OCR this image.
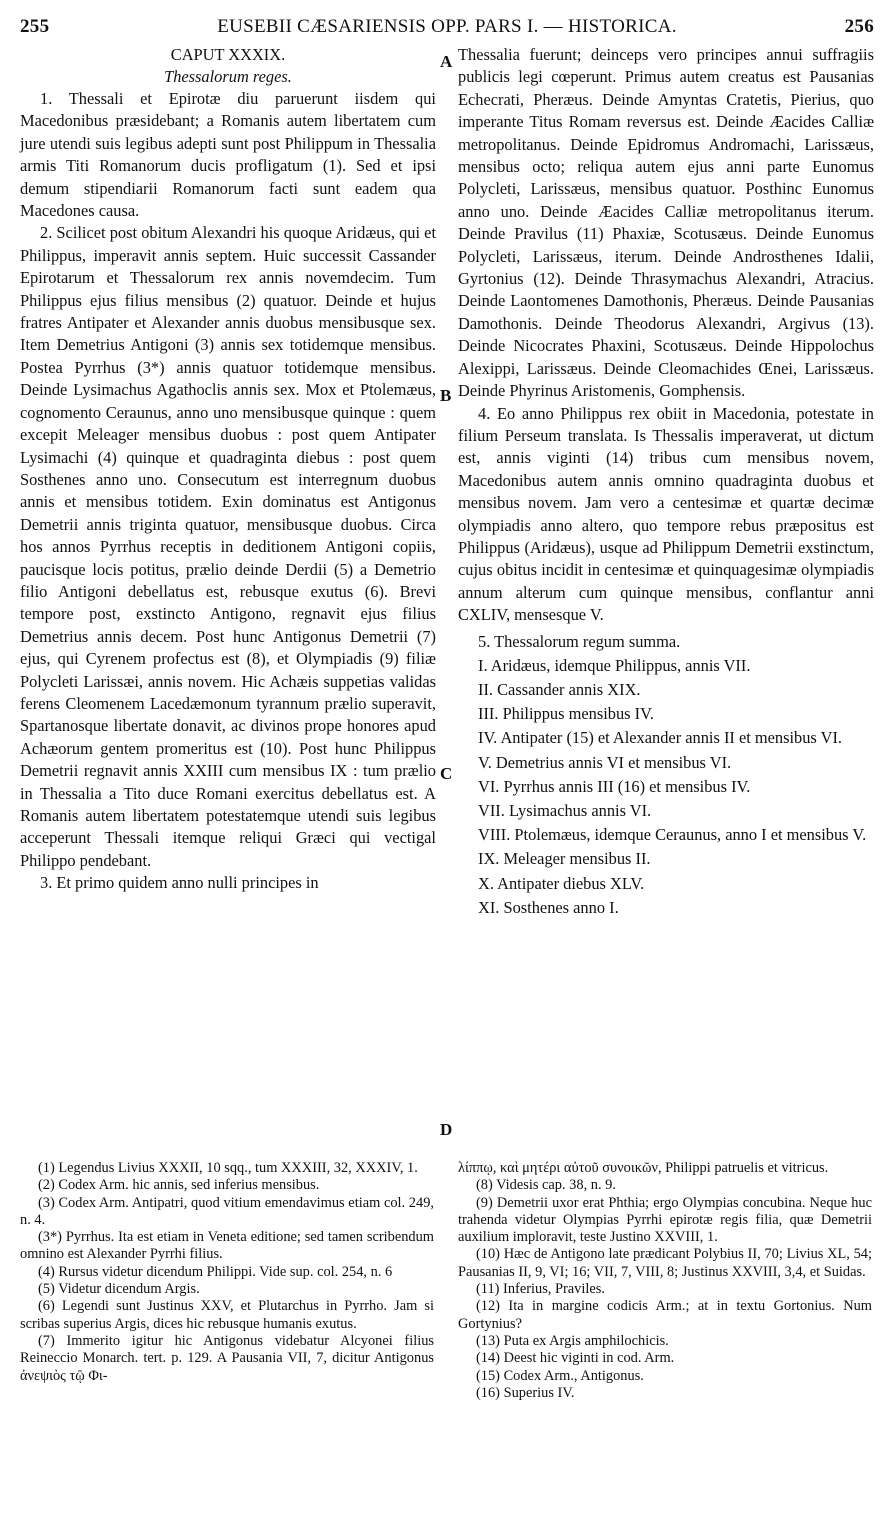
EUSEBII CÆSARIENSIS OPP. PARS I. — HISTORICA.
255	256
A
B
C
D
CAPUT XXXIX.
Thessalorum reges.

1. Thessali et Epirotæ diu paruerunt iisdem qui Macedonibus præsidebant; a Romanis autem libertatem cum jure utendi suis legibus adepti sunt post Philippum in Thessalia armis Titi Romanorum ducis profligatum (1). Sed et ipsi demum stipendiarii Romanorum facti sunt eadem qua Macedones causa.

2. Scilicet post obitum Alexandri his quoque Aridæus, qui et Philippus, imperavit annis septem. Huic successit Cassander Epirotarum et Thessalorum rex annis novemdecim. Tum Philippus ejus filius mensibus (2) quatuor. Deinde et hujus fratres Antipater et Alexander annis duobus mensibusque sex. Item Demetrius Antigoni (3) annis sex totidemque mensibus. Postea Pyrrhus (3*) annis quatuor totidemque mensibus. Deinde Lysimachus Agathoclis annis sex. Mox et Ptolemæus, cognomento Ceraunus, anno uno mensibusque quinque : quem excepit Meleager mensibus duobus : post quem Antipater Lysimachi (4) quinque et quadraginta diebus : post quem Sosthenes anno uno. Consecutum est interregnum duobus annis et mensibus totidem. Exin dominatus est Antigonus Demetrii annis triginta quatuor, mensibusque duobus. Circa hos annos Pyrrhus receptis in deditionem Antigoni copiis, paucisque locis potitus, prælio deinde Derdii (5) a Demetrio filio Antigoni debellatus est, rebusque exutus (6). Brevi tempore post, exstincto Antigono, regnavit ejus filius Demetrius annis decem. Post hunc Antigonus Demetrii (7) ejus, qui Cyrenem profectus est (8), et Olympiadis (9) filiæ Polycleti Larissæi, annis novem. Hic Achæis suppetias validas ferens Cleomenem Lacedæmonum tyrannum prælio superavit, Spartanosque libertate donavit, ac divinos prope honores apud Achæorum gentem promeritus est (10). Post hunc Philippus Demetrii regnavit annis XXIII cum mensibus IX : tum prælio in Thessalia a Tito duce Romani exercitus debellatus est. A Romanis autem libertatem potestatemque utendi suis legibus acceperunt Thessali itemque reliqui Græci qui vectigal Philippo pendebant.

3. Et primo quidem anno nulli principes in

Thessalia fuerunt; deinceps vero principes annui suffragiis publicis legi cœperunt. Primus autem creatus est Pausanias Echecrati, Pheræus. Deinde Amyntas Cratetis, Pierius, quo imperante Titus Romam reversus est. Deinde Æacides Calliæ metropolitanus. Deinde Epidromus Andromachi, Larissæus, mensibus octo; reliqua autem ejus anni parte Eunomus Polycleti, Larissæus, mensibus quatuor. Posthinc Eunomus anno uno. Deinde Æacides Calliæ metropolitanus iterum. Deinde Pravilus (11) Phaxiæ, Scotusæus. Deinde Eunomus Polycleti, Larissæus, iterum. Deinde Androsthenes Idalii, Gyrtonius (12). Deinde Thrasymachus Alexandri, Atracius. Deinde Laontomenes Damothonis, Pheræus. Deinde Pausanias Damothonis. Deinde Theodorus Alexandri, Argivus (13). Deinde Nicocrates Phaxini, Scotusæus. Deinde Hippolochus Alexippi, Larissæus. Deinde Cleomachides Œnei, Larissæus. Deinde Phyrinus Aristomenis, Gomphensis.

4. Eo anno Philippus rex obiit in Macedonia, potestate in filium Perseum translata. Is Thessalis imperaverat, ut dictum est, annis viginti (14) tribus cum mensibus novem, Macedonibus autem annis omnino quadraginta duobus et mensibus novem. Jam vero a centesimæ et quartæ decimæ olympiadis anno altero, quo tempore rebus præpositus est Philippus (Aridæus), usque ad Philippum Demetrii exstinctum, cujus obitus incidit in centesimæ et quinquagesimæ olympiadis annum alterum cum quinque mensibus, conflantur anni CXLIV, mensesque V.

5. Thessalorum regum summa.

I. Aridæus, idemque Philippus, annis VII.

II. Cassander annis XIX.

III. Philippus mensibus IV.

IV. Antipater (15) et Alexander annis II et mensibus VI.

V. Demetrius annis VI et mensibus VI.

VI. Pyrrhus annis III (16) et mensibus IV.

VII. Lysimachus annis VI.

VIII. Ptolemæus, idemque Ceraunus, anno I et mensibus V.

IX. Meleager mensibus II.

X. Antipater diebus XLV.

XI. Sosthenes anno I.

(1) Legendus Livius XXXII, 10 sqq., tum XXXIII, 32, XXXIV, 1.

(2) Codex Arm. hic annis, sed inferius mensibus.

(3) Codex Arm. Antipatri, quod vitium emendavimus etiam col. 249, n. 4.

(3*) Pyrrhus. Ita est etiam in Veneta editione; sed tamen scribendum omnino est Alexander Pyrrhi filius.

(4) Rursus videtur dicendum Philippi. Vide sup. col. 254, n. 6

(5) Videtur dicendum Argis.

(6) Legendi sunt Justinus XXV, et Plutarchus in Pyrrho. Jam si scribas superius Argis, dices hic rebusque humanis exutus.

(7) Immerito igitur hic Antigonus videbatur Alcyonei filius Reineccio Monarch. tert. p. 129. A Pausania VII, 7, dicitur Antigonus ἀνεψιὸς τῷ Φι-

λίππῳ, καὶ μητέρι αὐτοῦ συνοικῶν, Philippi patruelis et vitricus.

(8) Videsis cap. 38, n. 9.

(9) Demetrii uxor erat Phthia; ergo Olympias concubina. Neque huc trahenda videtur Olympias Pyrrhi epirotæ regis filia, quæ Demetrii auxilium imploravit, teste Justino XXVIII, 1.

(10) Hæc de Antigono late prædicant Polybius II, 70; Livius XL, 54; Pausanias II, 9, VI; 16; VII, 7, VIII, 8; Justinus XXVIII, 3,4, et Suidas.

(11) Inferius, Praviles.

(12) Ita in margine codicis Arm.; at in textu Gortonius. Num Gortynius?

(13) Puta ex Argis amphilochicis.

(14) Deest hic viginti in cod. Arm.

(15) Codex Arm., Antigonus.

(16) Superius IV.
